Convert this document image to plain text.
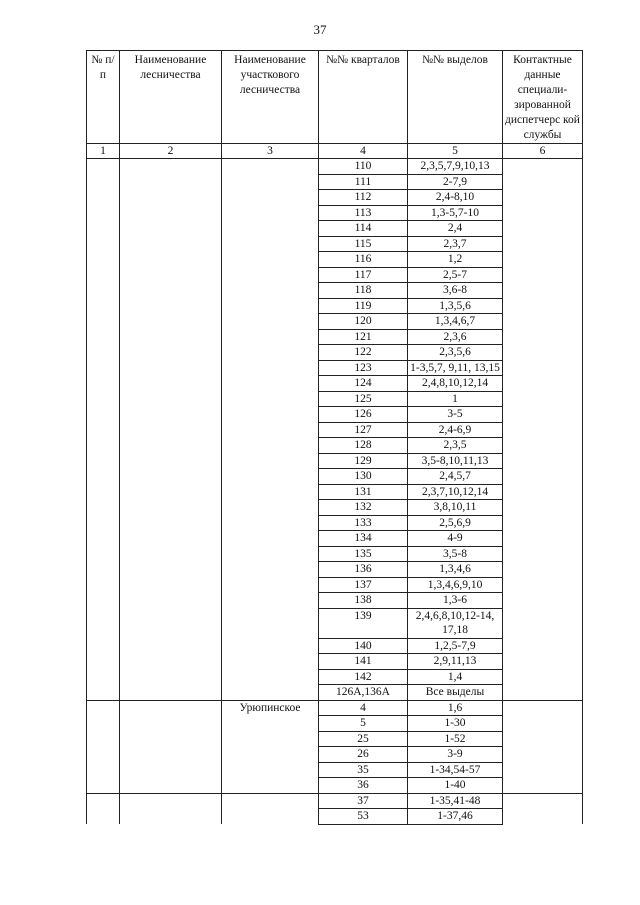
37
№ п/п	Наименование лесничества	Наименование участкового лесничества	№№ кварталов	№№ выделов	Контактные данные специали-зированной диспетчерс кой службы
1	2	3	4	5	6
			110	2,3,5,7,9,10,13	
			111	2-7,9	
			112	2,4-8,10	
			113	1,3-5,7-10	
			114	2,4	
			115	2,3,7	
			116	1,2	
			117	2,5-7	
			118	3,6-8	
			119	1,3,5,6	
			120	1,3,4,6,7	
			121	2,3,6	
			122	2,3,5,6	
			123	1-3,5,7, 9,11, 13,15	
			124	2,4,8,10,12,14	
			125	1	
			126	3-5	
			127	2,4-6,9	
			128	2,3,5	
			129	3,5-8,10,11,13	
			130	2,4,5,7	
			131	2,3,7,10,12,14	
			132	3,8,10,11	
			133	2,5,6,9	
			134	4-9	
			135	3,5-8	
			136	1,3,4,6	
			137	1,3,4,6,9,10	
			138	1,3-6	
			139	2,4,6,8,10,12-14, 17,18	
			140	1,2,5-7,9	
			141	2,9,11,13	
			142	1,4	
			126А,136А	Все выделы	
		Урюпинское	4	1,6	
			5	1-30	
			25	1-52	
			26	3-9	
			35	1-34,54-57	
			36	1-40	
			37	1-35,41-48	
			53	1-37,46	
